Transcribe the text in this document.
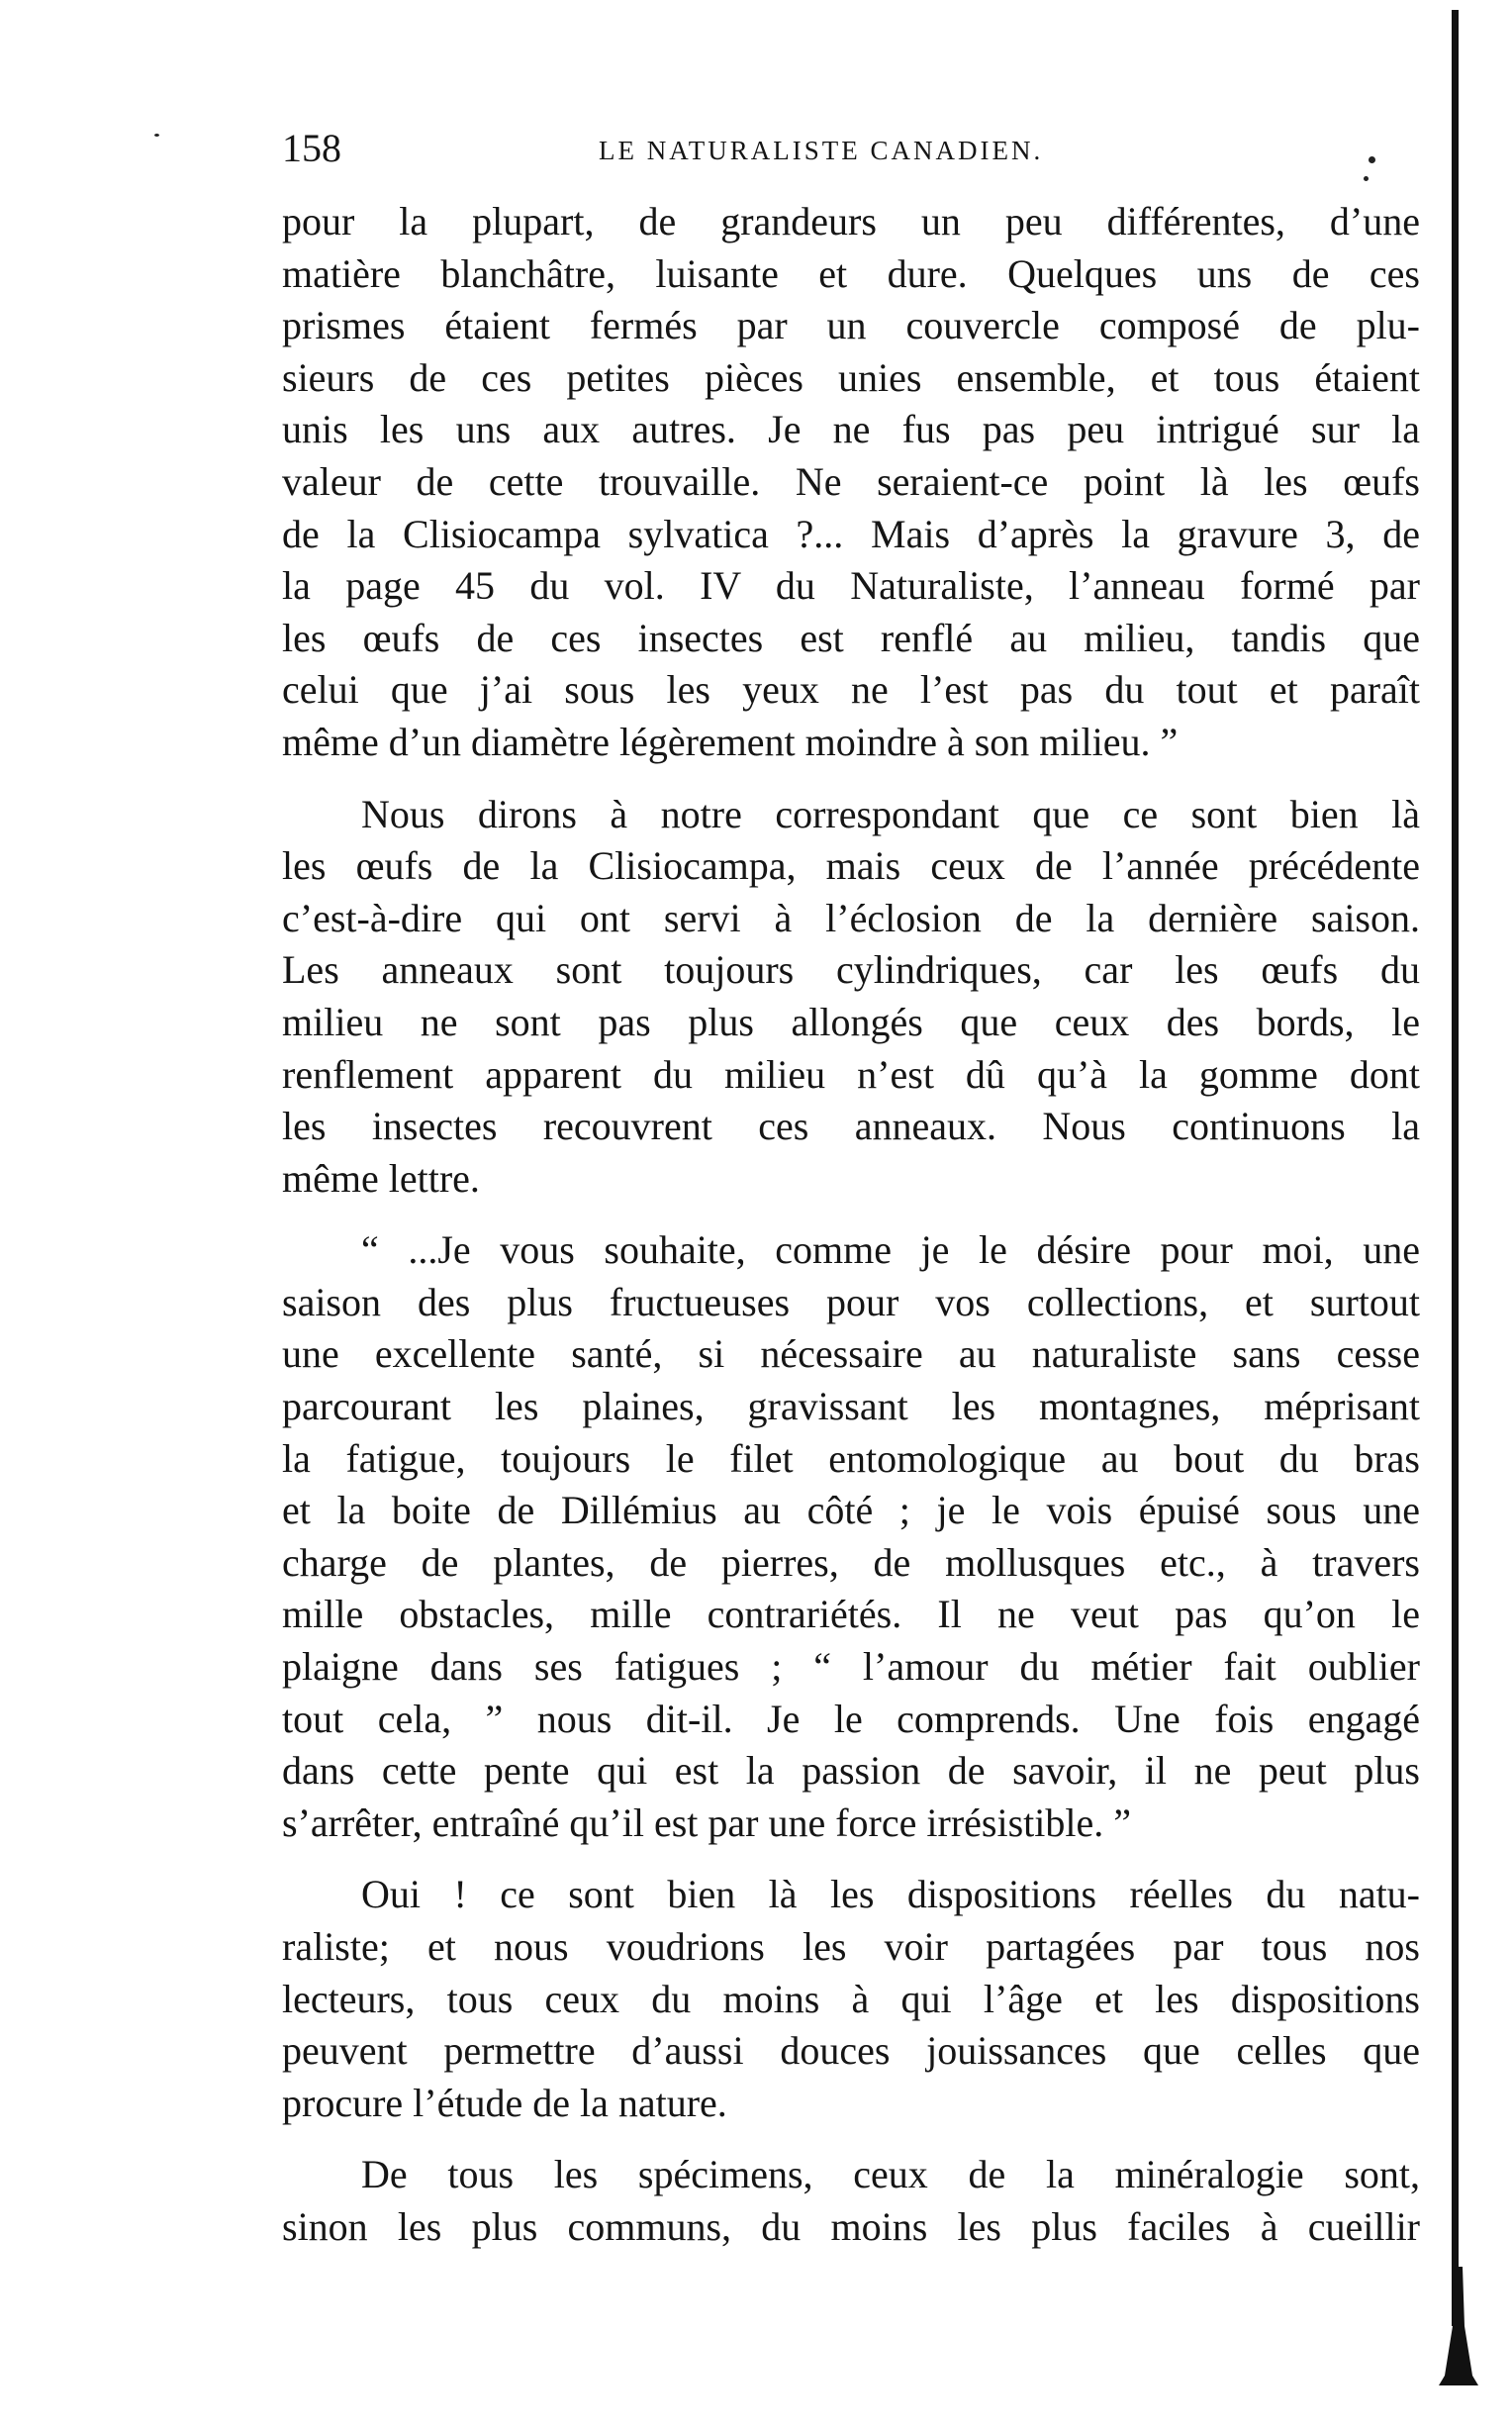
158	LE NATURALISTE CANADIEN.
pour la plupart, de grandeurs un peu différentes, d’une
matière blanchâtre, luisante et dure. Quelques uns de ces
prismes étaient fermés par un couvercle composé de plu-
sieurs de ces petites pièces unies ensemble, et tous étaient
unis les uns aux autres. Je ne fus pas peu intrigué sur la
valeur de cette trouvaille. Ne seraient-ce point là les œufs
de la Clisiocampa sylvatica ?... Mais d’après la gravure 3, de
la page 45 du vol. IV du Naturaliste, l’anneau formé par
les œufs de ces insectes est renflé au milieu, tandis que
celui que j’ai sous les yeux ne l’est pas du tout et paraît
même d’un diamètre légèrement moindre à son milieu. ”
Nous dirons à notre correspondant que ce sont bien là
les œufs de la Clisiocampa, mais ceux de l’année précédente
c’est-à-dire qui ont servi à l’éclosion de la dernière saison.
Les anneaux sont toujours cylindriques, car les œufs du
milieu ne sont pas plus allongés que ceux des bords, le
renflement apparent du milieu n’est dû qu’à la gomme dont
les insectes recouvrent ces anneaux. Nous continuons la
même lettre.
“ ...Je vous souhaite, comme je le désire pour moi, une
saison des plus fructueuses pour vos collections, et surtout
une excellente santé, si nécessaire au naturaliste sans cesse
parcourant les plaines, gravissant les montagnes, méprisant
la fatigue, toujours le filet entomologique au bout du bras
et la boite de Dillémius au côté ; je le vois épuisé sous une
charge de plantes, de pierres, de mollusques etc., à travers
mille obstacles, mille contrariétés. Il ne veut pas qu’on le
plaigne dans ses fatigues ; “ l’amour du métier fait oublier
tout cela, ” nous dit-il. Je le comprends. Une fois engagé
dans cette pente qui est la passion de savoir, il ne peut plus
s’arrêter, entraîné qu’il est par une force irrésistible. ”
Oui ! ce sont bien là les dispositions réelles du natu-
raliste; et nous voudrions les voir partagées par tous nos
lecteurs, tous ceux du moins à qui l’âge et les dispositions
peuvent permettre d’aussi douces jouissances que celles que
procure l’étude de la nature.
De tous les spécimens, ceux de la minéralogie sont,
sinon les plus communs, du moins les plus faciles à cueillir
